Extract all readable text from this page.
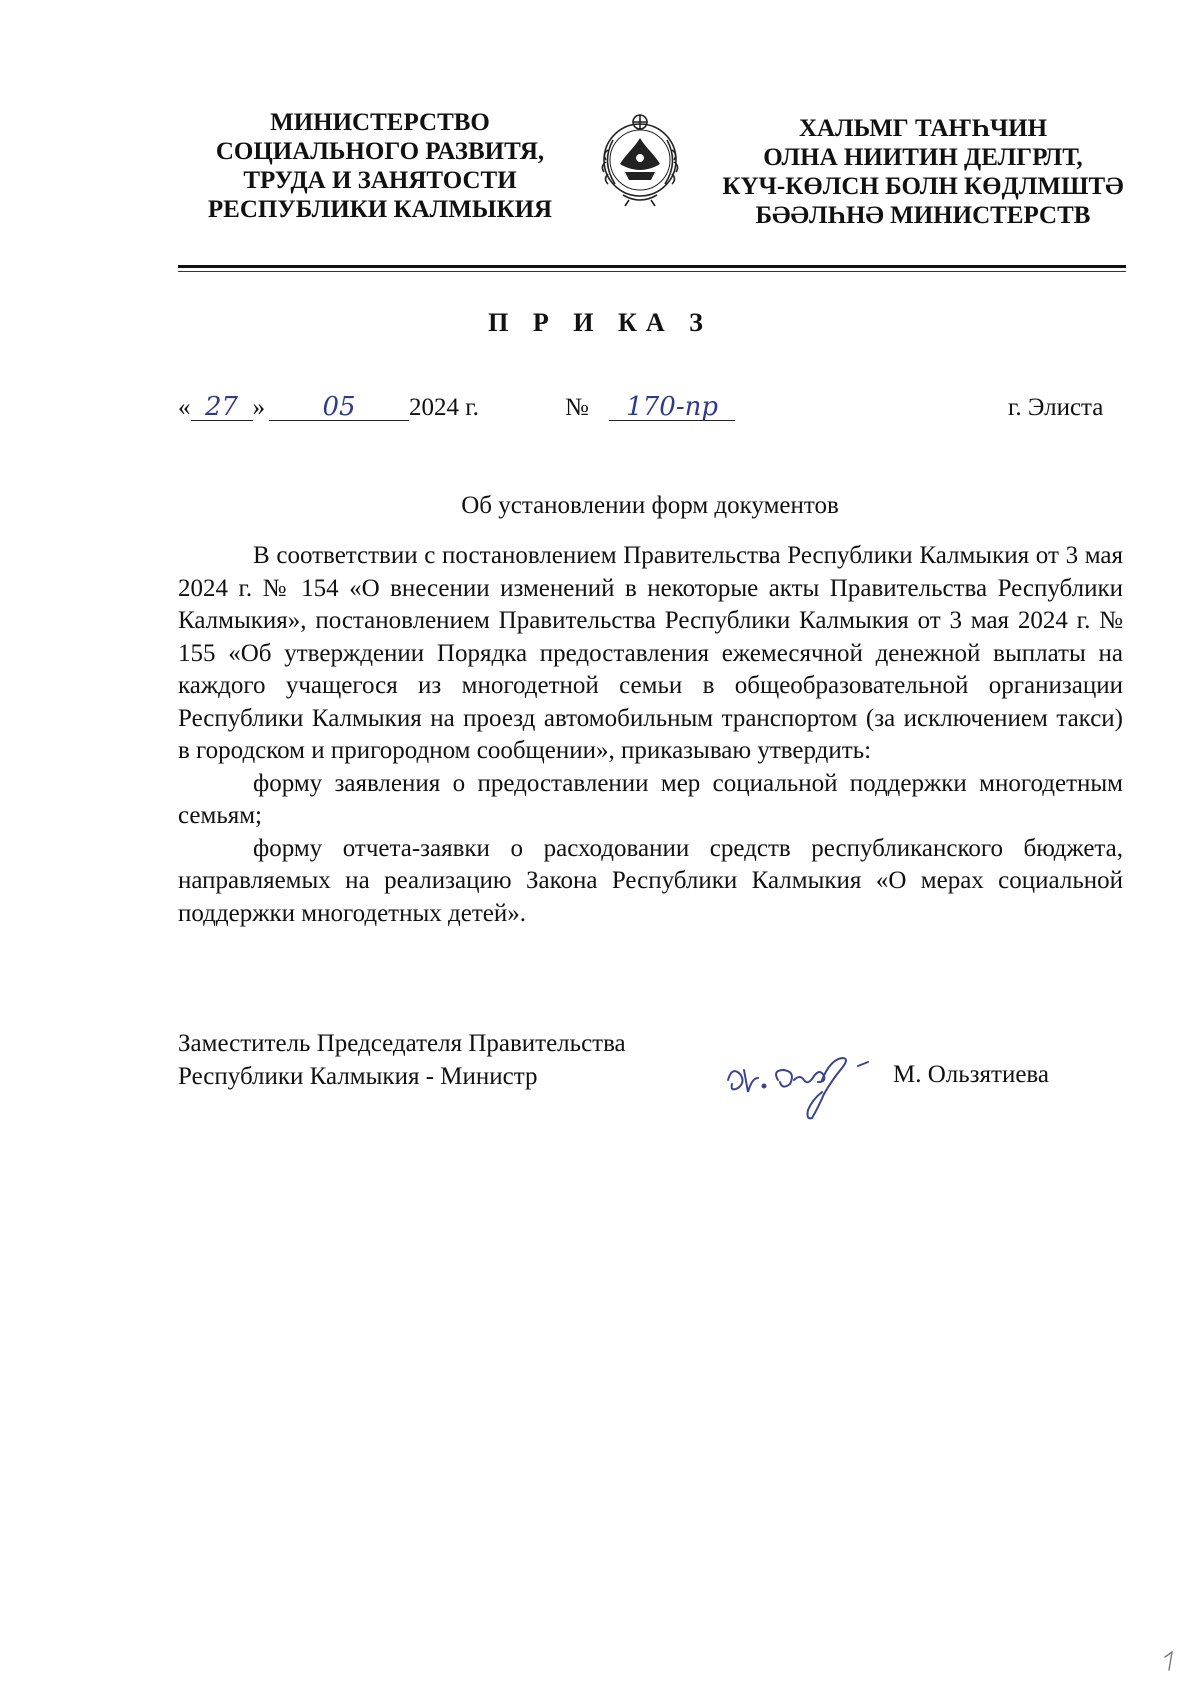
МИНИСТЕРСТВО
СОЦИАЛЬНОГО РАЗВИТЯ,
ТРУДА И ЗАНЯТОСТИ
РЕСПУБЛИКИ КАЛМЫКИЯ
ХАЛЬМГ ТАҤҺЧИН
ОЛНА НИИТИН ДЕЛГРЛТ,
КҮЧ-КӨЛСН БОЛН КӨДЛМШТӘ
БӘӘЛҺНӘ МИНИСТЕРСТВ
П Р И КА З
« 27 » 05 2024 г.	№ 170-пр	г. Элиста

Об установлении форм документов

В соответствии с постановлением Правительства Республики Калмыкия от 3 мая 2024 г. № 154 «О внесении изменений в некоторые акты Правительства Республики Калмыкия», постановлением Правительства Республики Калмыкия от 3 мая 2024 г. № 155 «Об утверждении Порядка предоставления ежемесячной денежной выплаты на каждого учащегося из многодетной семьи в общеобразовательной организации Республики Калмыкия на проезд автомобильным транспортом (за исключением такси) в городском и пригородном сообщении», приказываю утвердить:

форму заявления о предоставлении мер социальной поддержки многодетным семьям;

форму отчета-заявки о расходовании средств республиканского бюджета, направляемых на реализацию Закона Республики Калмыкия «О мерах социальной поддержки многодетных детей».

Заместитель Председателя Правительства
Республики Калмыкия - Министр	М. Ользятиева
